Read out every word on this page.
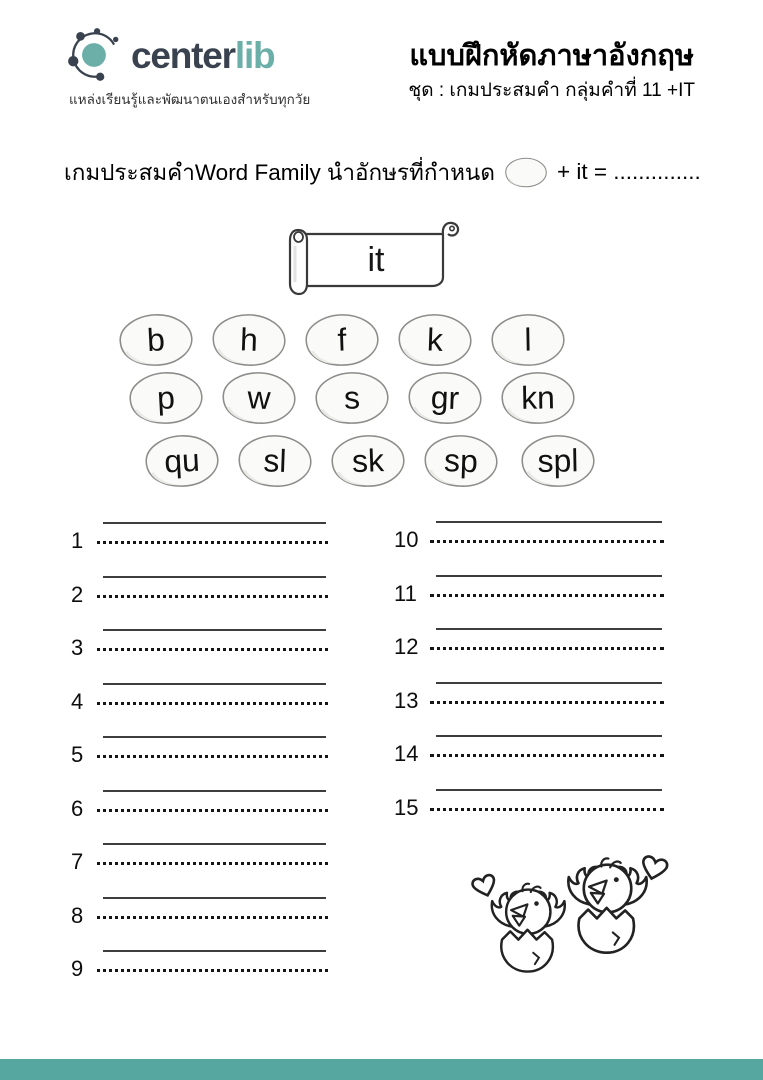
centerlib
แหล่งเรียนรู้และพัฒนาตนเองสำหรับทุกวัย
แบบฝึกหัดภาษาอังกฤษ
ชุด : เกมประสมคำ กลุ่มคำที่ 11 +IT
เกมประสมคำWord Family นำอักษรที่กำหนด	+ it = ..............
it
b h f k l
p w s gr kn
qu sl sk sp spl
1
2
3
4
5
6
7
8
9
10
11
12
13
14
15
